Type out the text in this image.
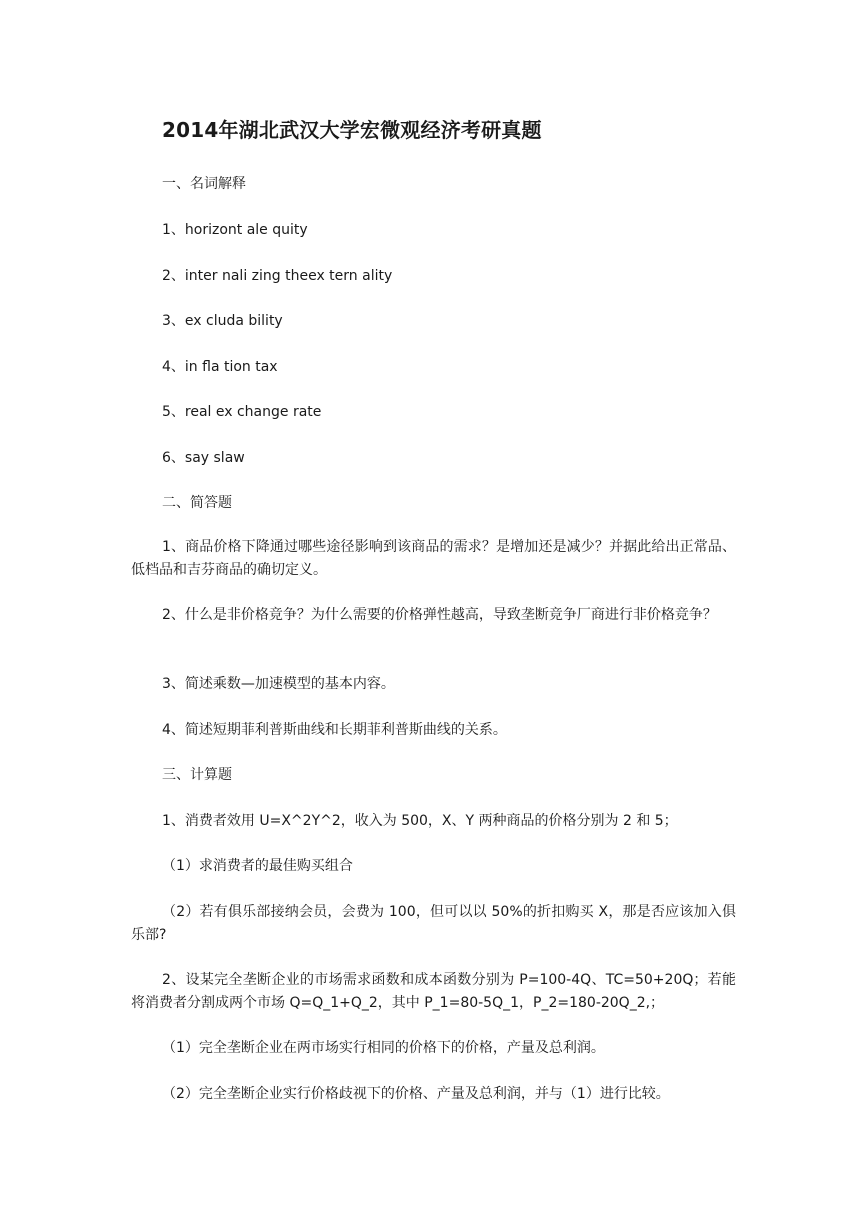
2014年湖北武汉大学宏微观经济考研真题
一、名词解释
1、horizont ale quity
2、inter nali zing theex tern ality
3、ex cluda bility
4、in fla tion tax
5、real ex change rate
6、say slaw
二、简答题
1、商品价格下降通过哪些途径影响到该商品的需求？是增加还是减少？并据此给出正常品、低档品和吉芬商品的确切定义。
2、什么是非价格竞争？为什么需要的价格弹性越高，导致垄断竞争厂商进行非价格竞争？
3、简述乘数—加速模型的基本内容。
4、简述短期菲利普斯曲线和长期菲利普斯曲线的关系。
三、计算题
1、消费者效用 U=X^2Y^2，收入为 500，X、Y 两种商品的价格分别为 2 和 5；
（1）求消费者的最佳购买组合
（2）若有俱乐部接纳会员，会费为 100，但可以以 50%的折扣购买 X，那是否应该加入俱乐部?
2、设某完全垄断企业的市场需求函数和成本函数分别为 P=100-4Q、TC=50+20Q；若能将消费者分割成两个市场 Q=Q_1+Q_2，其中 P_1=80-5Q_1，P_2=180-20Q_2,；
（1）完全垄断企业在两市场实行相同的价格下的价格，产量及总利润。
（2）完全垄断企业实行价格歧视下的价格、产量及总利润，并与（1）进行比较。
